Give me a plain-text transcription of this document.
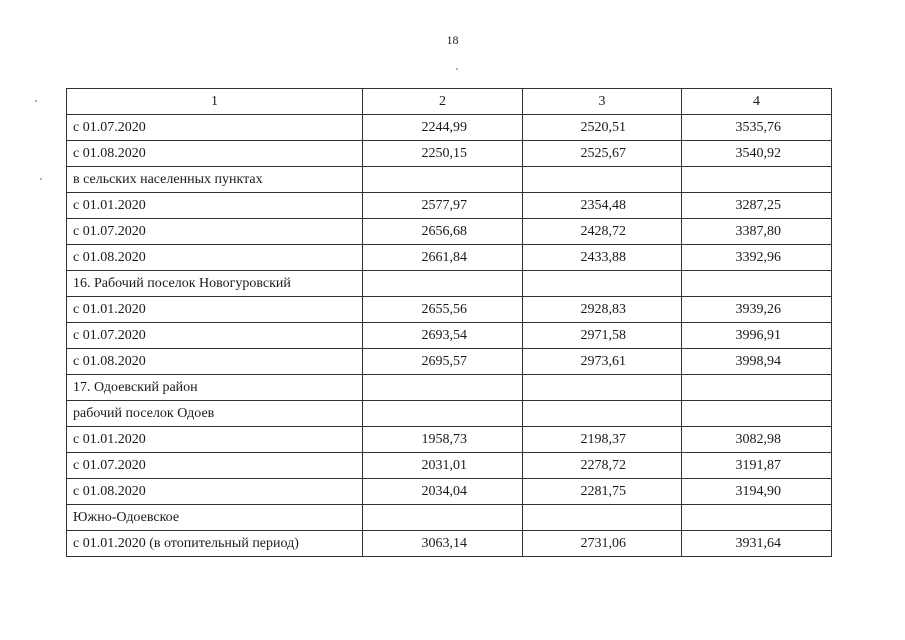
18
1	2	3	4
с 01.07.2020	2244,99	2520,51	3535,76
с 01.08.2020	2250,15	2525,67	3540,92
в сельских населенных пунктах			
с 01.01.2020	2577,97	2354,48	3287,25
с 01.07.2020	2656,68	2428,72	3387,80
с 01.08.2020	2661,84	2433,88	3392,96
16. Рабочий поселок Новогуровский			
с 01.01.2020	2655,56	2928,83	3939,26
с 01.07.2020	2693,54	2971,58	3996,91
с 01.08.2020	2695,57	2973,61	3998,94
17. Одоевский район			
рабочий поселок Одоев			
с 01.01.2020	1958,73	2198,37	3082,98
с 01.07.2020	2031,01	2278,72	3191,87
с 01.08.2020	2034,04	2281,75	3194,90
Южно-Одоевское			
с 01.01.2020 (в отопительный период)	3063,14	2731,06	3931,64
